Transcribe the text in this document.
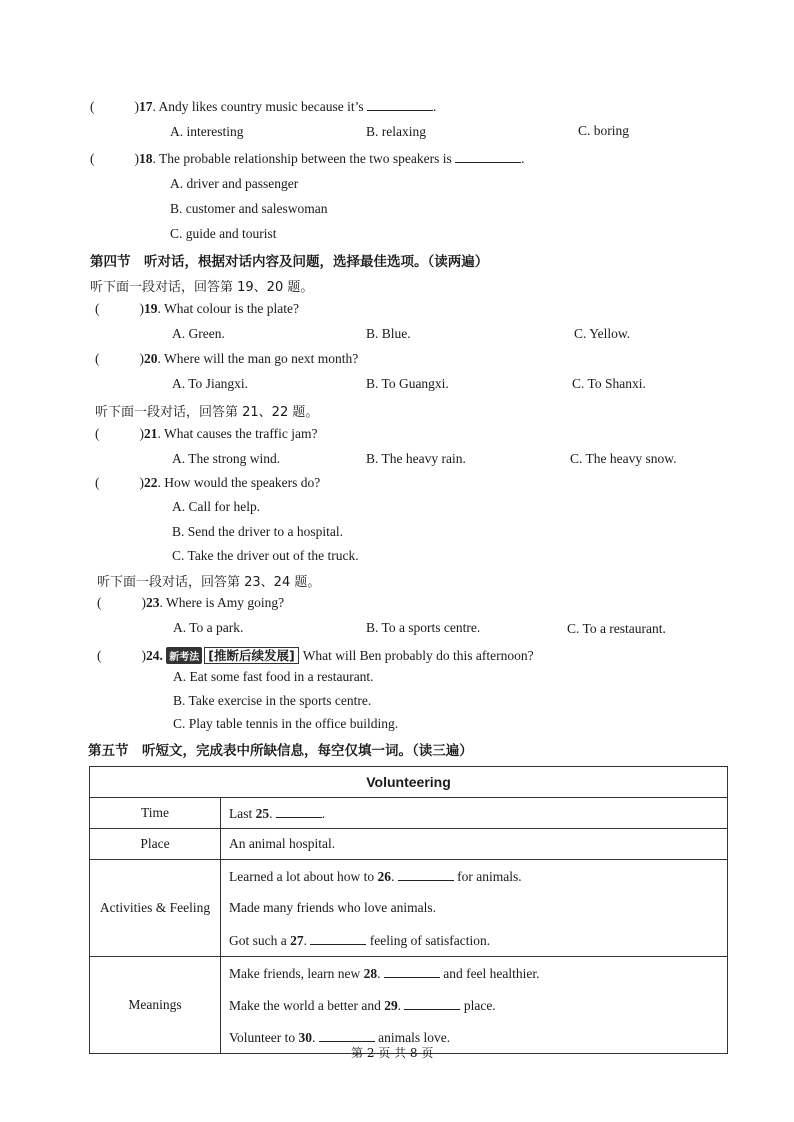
(	)17. Andy likes country music because it’s	.
A. interesting	B. relaxing	C. boring
(	)18. The probable relationship between the two speakers is	.
A. driver and passenger
B. customer and saleswoman
C. guide and tourist
第四节　听对话，根据对话内容及问题，选择最佳选项。（读两遍）
听下面一段对话，回答第 19、20 题。
(	)19. What colour is the plate?
A. Green.	B. Blue.	C. Yellow.
(	)20. Where will the man go next month?
A. To Jiangxi.	B. To Guangxi.	C. To Shanxi.
听下面一段对话，回答第 21、22 题。
(	)21. What causes the traffic jam?
A. The strong wind.	B. The heavy rain.	C. The heavy snow.
(	)22. How would the speakers do?
A. Call for help.
B. Send the driver to a hospital.
C. Take the driver out of the truck.
听下面一段对话，回答第 23、24 题。
(	)23. Where is Amy going?
A. To a park.	B. To a sports centre.	C. To a restaurant.
(	)24. 新考法 [推断后续发展] What will Ben probably do this afternoon?
A. Eat some fast food in a restaurant.
B. Take exercise in the sports centre.
C. Play table tennis in the office building.
第五节　听短文，完成表中所缺信息，每空仅填一词。（读三遍）
Volunteering	
Time	Last 25. .
Place	An animal hospital.
Activities & Feeling	Learned a lot about how to 26. for animals.
	Made many friends who love animals.
	Got such a 27. feeling of satisfaction.
Meanings	Make friends, learn new 28. and feel healthier.
	Make the world a better and 29. place.
	Volunteer to 30. animals love.
第 2 页 共 8 页
